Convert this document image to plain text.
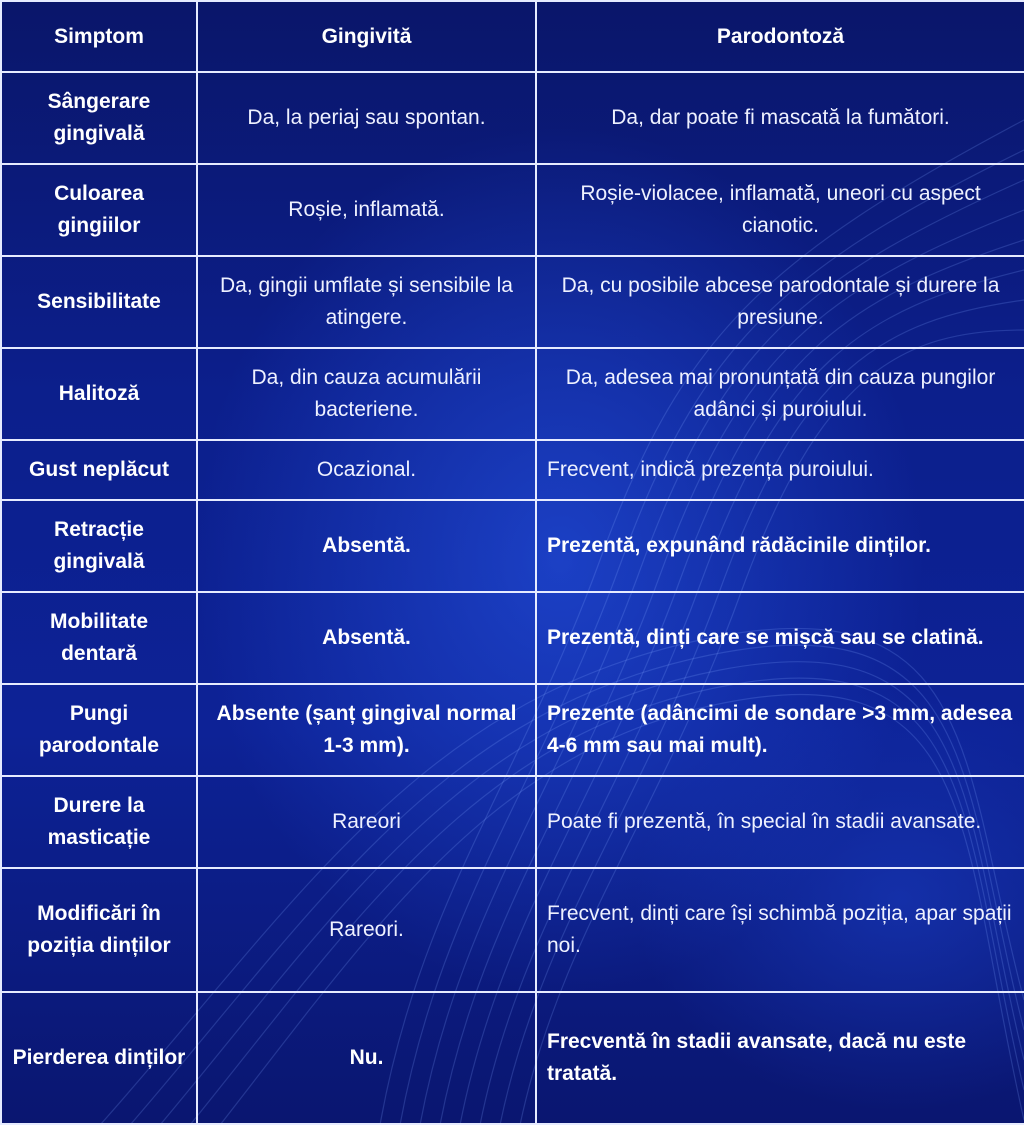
Simptom	Gingivită	Parodontoză
Sângerare gingivală	Da, la periaj sau spontan.	Da, dar poate fi mascată la fumători.
Culoarea gingiilor	Roșie, inflamată.	Roșie-violacee, inflamată, uneori cu aspect cianotic.
Sensibilitate	Da, gingii umflate și sensibile la atingere.	Da, cu posibile abcese parodontale și durere la presiune.
Halitoză	Da, din cauza acumulării bacteriene.	Da, adesea mai pronunțată din cauza pungilor adânci și puroiului.
Gust neplăcut	Ocazional.	Frecvent, indică prezența puroiului.
Retracție gingivală	Absentă.	Prezentă, expunând rădăcinile dinților.
Mobilitate dentară	Absentă.	Prezentă, dinți care se mișcă sau se clatină.
Pungi parodontale	Absente (șanț gingival normal 1-3 mm).	Prezente (adâncimi de sondare >3 mm, adesea 4-6 mm sau mai mult).
Durere la masticație	Rareori	Poate fi prezentă, în special în stadii avansate.
Modificări în poziția dinților	Rareori.	Frecvent, dinți care își schimbă poziția, apar spații noi.
Pierderea dinților	Nu.	Frecventă în stadii avansate, dacă nu este tratată.
